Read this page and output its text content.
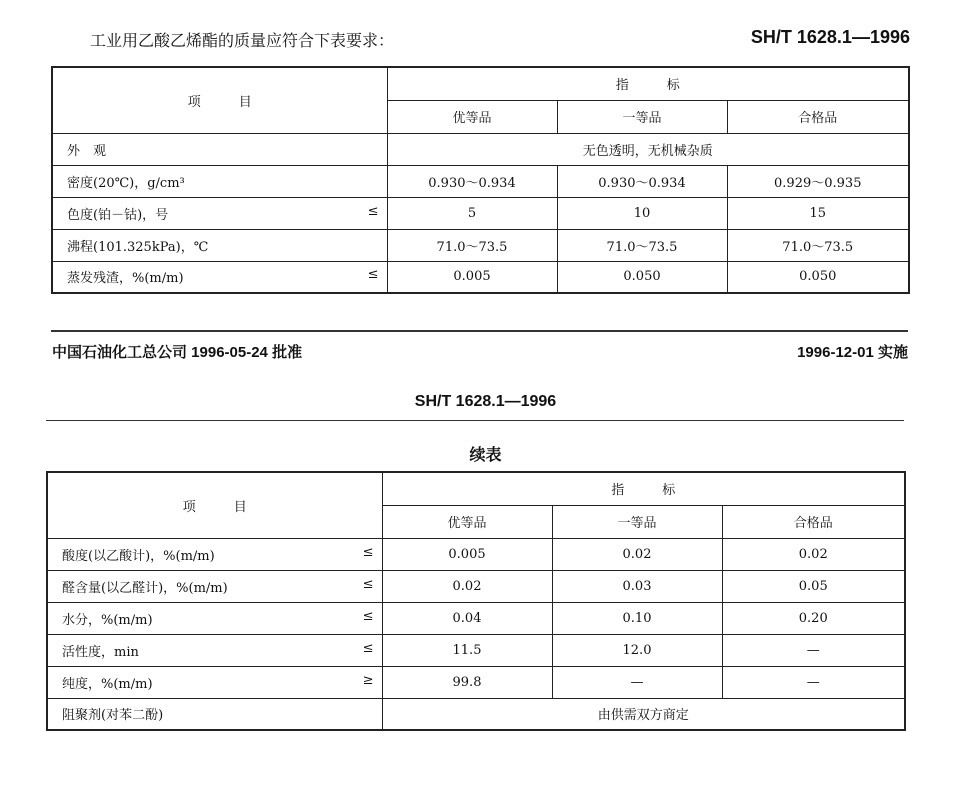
工业用乙酸乙烯酯的质量应符合下表要求：	SH/T 1628.1—1996
项 目	指 标		
	优等品	一等品	合格品
外　观	无色透明，无机械杂质		
密度(20℃)，g/cm³	0.930～0.934	0.930～0.934	0.929～0.935
色度(铂－钴)，号 ≤	5	10	15
沸程(101.325kPa)，℃	71.0～73.5	71.0～73.5	71.0～73.5
蒸发残渣，%(m/m) ≤	0.005	0.050	0.050
中国石油化工总公司 1996-05-24 批准	1996-12-01 实施
SH/T 1628.1—1996
续表
项 目	指 标		
	优等品	一等品	合格品
酸度(以乙酸计)，%(m/m) ≤	0.005	0.02	0.02
醛含量(以乙醛计)，%(m/m) ≤	0.02	0.03	0.05
水分，%(m/m) ≤	0.04	0.10	0.20
活性度，min ≤	11.5	12.0	—
纯度，%(m/m) ≥	99.8	—	—
阻聚剂(对苯二酚)	由供需双方商定		
